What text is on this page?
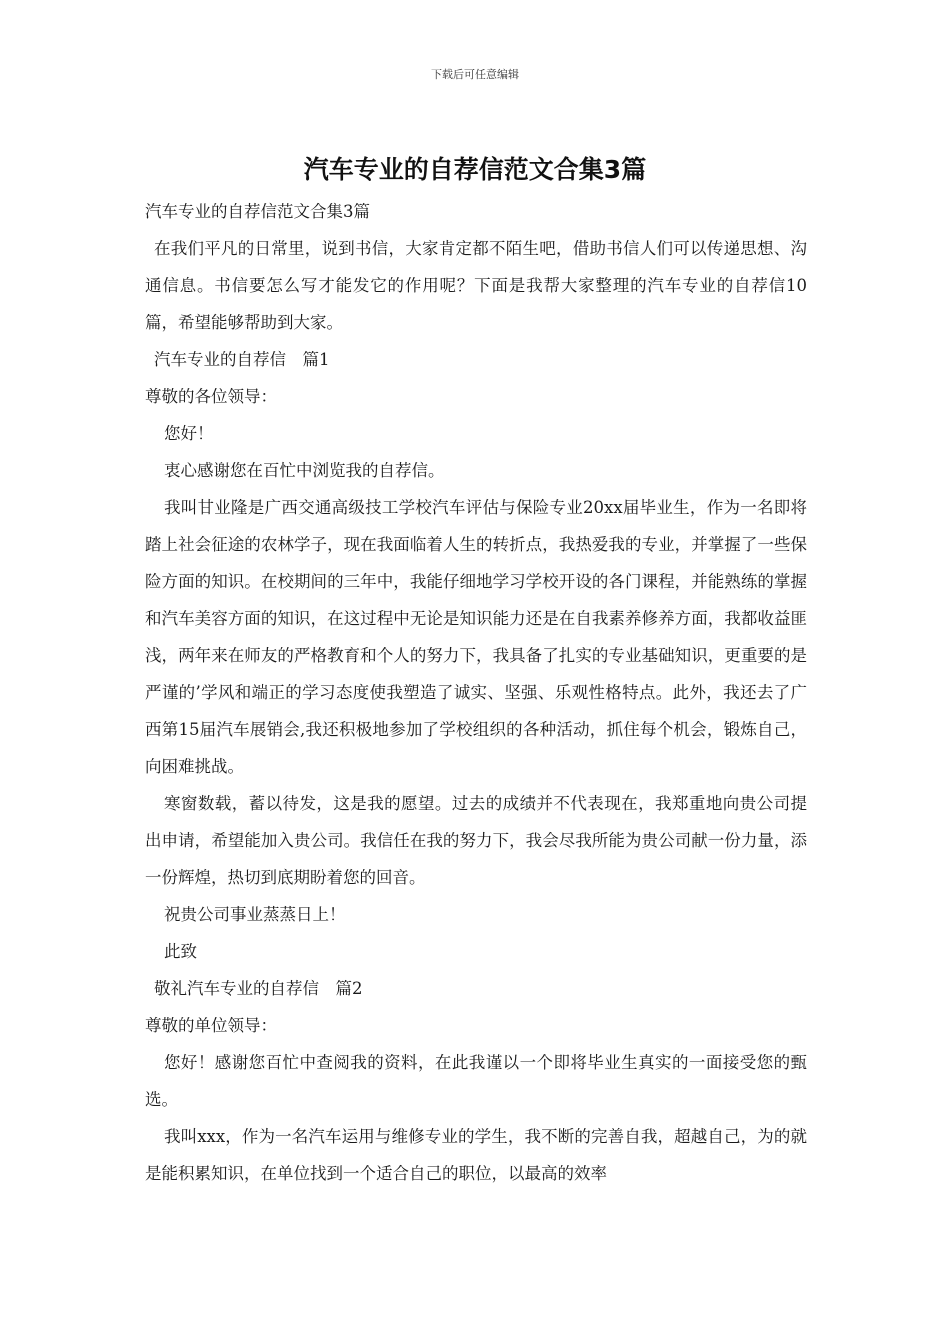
下载后可任意编辑
汽车专业的自荐信范文合集3篇

汽车专业的自荐信范文合集3篇

在我们平凡的日常里，说到书信，大家肯定都不陌生吧，借助书信人们可以传递思想、沟通信息。书信要怎么写才能发它的作用呢？下面是我帮大家整理的汽车专业的自荐信10篇，希望能够帮助到大家。

汽车专业的自荐信　篇1

尊敬的各位领导：

您好！

衷心感谢您在百忙中浏览我的自荐信。

我叫甘业隆是广西交通高级技工学校汽车评估与保险专业20xx届毕业生，作为一名即将踏上社会征途的农林学子，现在我面临着人生的转折点，我热爱我的专业，并掌握了一些保险方面的知识。在校期间的三年中，我能仔细地学习学校开设的各门课程，并能熟练的掌握和汽车美容方面的知识，在这过程中无论是知识能力还是在自我素养修养方面，我都收益匪浅，两年来在师友的严格教育和个人的努力下，我具备了扎实的专业基础知识，更重要的是严谨的’学风和端正的学习态度使我塑造了诚实、坚强、乐观性格特点。此外，我还去了广西第15届汽车展销会,我还积极地参加了学校组织的各种活动，抓住每个机会，锻炼自己，向困难挑战。

寒窗数载，蓄以待发，这是我的愿望。过去的成绩并不代表现在，我郑重地向贵公司提出申请，希望能加入贵公司。我信任在我的努力下，我会尽我所能为贵公司献一份力量，添一份辉煌，热切到底期盼着您的回音。

祝贵公司事业蒸蒸日上！

此致

敬礼汽车专业的自荐信　篇2

尊敬的单位领导：

您好！感谢您百忙中查阅我的资料，在此我谨以一个即将毕业生真实的一面接受您的甄选。

我叫xxx，作为一名汽车运用与维修专业的学生，我不断的完善自我，超越自己，为的就是能积累知识，在单位找到一个适合自己的职位，以最高的效率
